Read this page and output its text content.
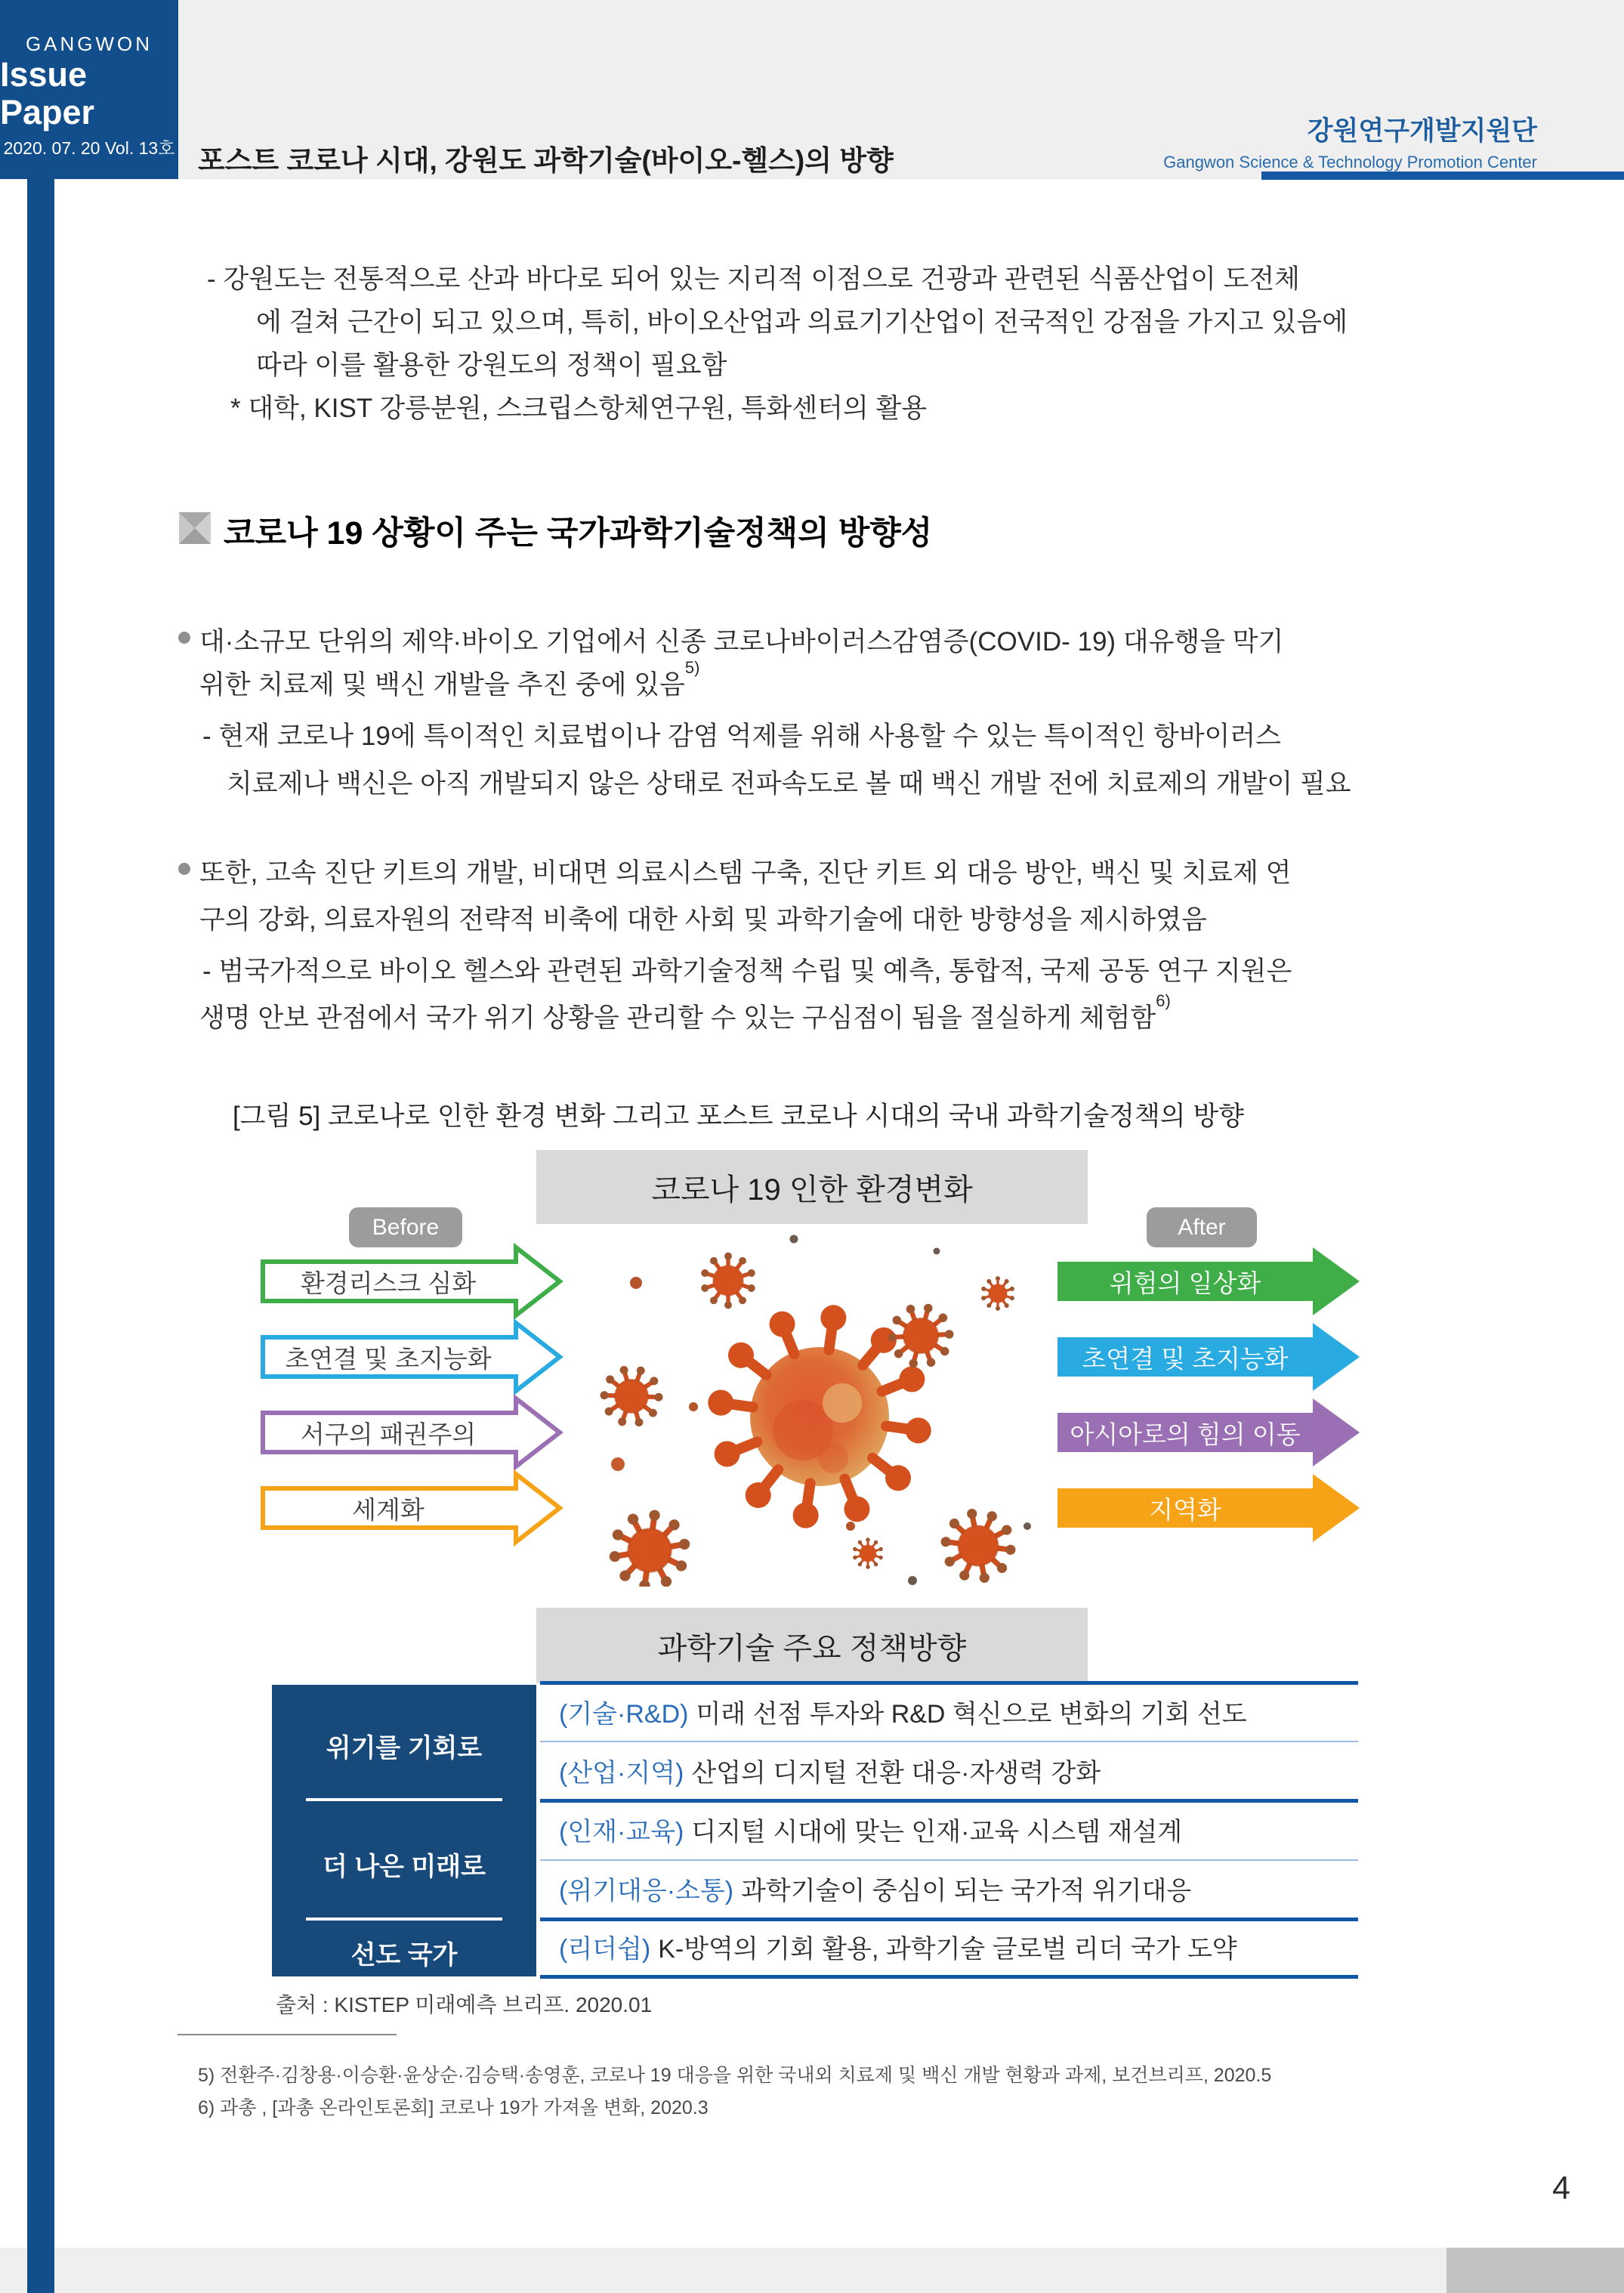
GANGWON
Issue Paper
2020. 07. 20 Vol. 13호 포스트 코로나 시대, 강원도 과학기술(바이오-헬스)의 방향
강원연구개발지원단
Gangwon Science & Technology Promotion Center
- 강원도는 전통적으로 산과 바다로 되어 있는 지리적 이점으로 건광과 관련된 식품산업이 도전체
에 걸쳐 근간이 되고 있으며, 특히, 바이오산업과 의료기기산업이 전국적인 강점을 가지고 있음에
따라 이를 활용한 강원도의 정책이 필요함
* 대학, KIST 강릉분원, 스크립스항체연구원, 특화센터의 활용
코로나 19 상황이 주는 국가과학기술정책의 방향성
대·소규모 단위의 제약·바이오 기업에서 신종 코로나바이러스감염증(COVID- 19) 대유행을 막기
위한 치료제 및 백신 개발을 추진 중에 있음$^{5)}$
- 현재 코로나 19에 특이적인 치료법이나 감염 억제를 위해 사용할 수 있는 특이적인 항바이러스
치료제나 백신은 아직 개발되지 않은 상태로 전파속도로 볼 때 백신 개발 전에 치료제의 개발이 필요
또한, 고속 진단 키트의 개발, 비대면 의료시스템 구축, 진단 키트 외 대응 방안, 백신 및 치료제 연
구의 강화, 의료자원의 전략적 비축에 대한 사회 및 과학기술에 대한 방향성을 제시하였음
- 범국가적으로 바이오 헬스와 관련된 과학기술정책 수립 및 예측, 통합적, 국제 공동 연구 지원은
생명 안보 관점에서 국가 위기 상황을 관리할 수 있는 구심점이 됨을 절실하게 체험함$^{6)}$
[그림 5] 코로나로 인한 환경 변화 그리고 포스트 코로나 시대의 국내 과학기술정책의 방향
코로나 19 인한 환경변화
Before	After
환경리스크 심화
초연결 및 초지능화
서구의 패권주의
세계화
위험의 일상화
초연결 및 초지능화
아시아로의 힘의 이동
지역화
과학기술 주요 정책방향
위기를 기회로
더 나은 미래로
선도 국가
(기술·R&D) 미래 선점 투자와 R&D 혁신으로 변화의 기회 선도
(산업·지역) 산업의 디지털 전환 대응·자생력 강화
(인재·교육) 디지털 시대에 맞는 인재·교육 시스템 재설계
(위기대응·소통) 과학기술이 중심이 되는 국가적 위기대응
(리더쉽) K-방역의 기회 활용, 과학기술 글로벌 리더 국가 도약
출처 : KISTEP 미래예측 브리프. 2020.01
5) 전환주·김창용·이승환·윤상순·김승택·송영훈, 코로나 19 대응을 위한 국내외 치료제 및 백신 개발 현황과 과제, 보건브리프, 2020.5
6) 과총 , [과총 온라인토론회] 코로나 19가 가져올 변화, 2020.3
4
